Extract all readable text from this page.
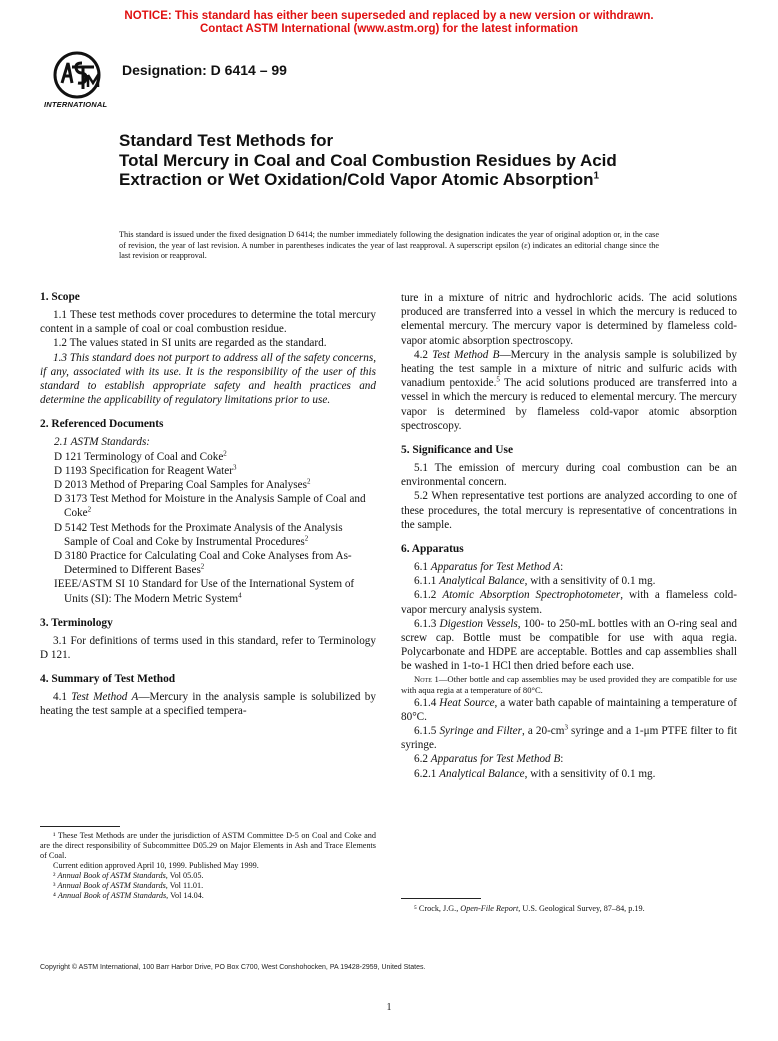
NOTICE: This standard has either been superseded and replaced by a new version or withdrawn.
Contact ASTM International (www.astm.org) for the latest information
INTERNATIONAL
Designation: D 6414 – 99
Standard Test Methods for
Total Mercury in Coal and Coal Combustion Residues by Acid Extraction or Wet Oxidation/Cold Vapor Atomic Absorption$^1$
This standard is issued under the fixed designation D 6414; the number immediately following the designation indicates the year of original adoption or, in the case of revision, the year of last revision. A number in parentheses indicates the year of last reapproval. A superscript epsilon (ε) indicates an editorial change since the last revision or reapproval.
1. Scope

1.1 These test methods cover procedures to determine the total mercury content in a sample of coal or coal combustion residue.

1.2 The values stated in SI units are regarded as the standard.

1.3 This standard does not purport to address all of the safety concerns, if any, associated with its use. It is the responsibility of the user of this standard to establish appropriate safety and health practices and determine the applicability of regulatory limitations prior to use.

2. Referenced Documents

2.1 ASTM Standards:

D 121 Terminology of Coal and Coke$^2$

D 1193 Specification for Reagent Water$^3$

D 2013 Method of Preparing Coal Samples for Analyses$^2$

D 3173 Test Method for Moisture in the Analysis Sample of Coal and Coke$^2$

D 5142 Test Methods for the Proximate Analysis of the Analysis Sample of Coal and Coke by Instrumental Procedures$^2$

D 3180 Practice for Calculating Coal and Coke Analyses from As-Determined to Different Bases$^2$

IEEE/ASTM SI 10 Standard for Use of the International System of Units (SI): The Modern Metric System$^4$

3. Terminology

3.1 For definitions of terms used in this standard, refer to Terminology D 121.

4. Summary of Test Method

4.1 Test Method A—Mercury in the analysis sample is solubilized by heating the test sample at a specified tempera-

¹ These Test Methods are under the jurisdiction of ASTM Committee D-5 on Coal and Coke and are the direct responsibility of Subcommittee D05.29 on Major Elements in Ash and Trace Elements of Coal.

Current edition approved April 10, 1999. Published May 1999.

² Annual Book of ASTM Standards, Vol 05.05.

³ Annual Book of ASTM Standards, Vol 11.01.

⁴ Annual Book of ASTM Standards, Vol 14.04.

ture in a mixture of nitric and hydrochloric acids. The acid solutions produced are transferred into a vessel in which the mercury is reduced to elemental mercury. The mercury vapor is determined by flameless cold-vapor atomic absorption spectroscopy.

4.2 Test Method B—Mercury in the analysis sample is solubilized by heating the test sample in a mixture of nitric and sulfuric acids with vanadium pentoxide.$^5$ The acid solutions produced are transferred into a vessel in which the mercury is reduced to elemental mercury. The mercury vapor is determined by flameless cold-vapor atomic absorption spectroscopy.

5. Significance and Use

5.1 The emission of mercury during coal combustion can be an environmental concern.

5.2 When representative test portions are analyzed according to one of these procedures, the total mercury is representative of concentrations in the sample.

6. Apparatus

6.1 Apparatus for Test Method A:

6.1.1 Analytical Balance, with a sensitivity of 0.1 mg.

6.1.2 Atomic Absorption Spectrophotometer, with a flameless cold-vapor mercury analysis system.

6.1.3 Digestion Vessels, 100- to 250-mL bottles with an O-ring seal and screw cap. Bottle must be compatible for use with aqua regia. Polycarbonate and HDPE are acceptable. Bottles and cap assemblies shall be washed in 1-to-1 HCl then dried before each use.

Note 1—Other bottle and cap assemblies may be used provided they are compatible for use with aqua regia at a temperature of 80°C.

6.1.4 Heat Source, a water bath capable of maintaining a temperature of 80°C.

6.1.5 Syringe and Filter, a $20-cm^3$ syringe and a 1-μm PTFE filter to fit syringe.

6.2 Apparatus for Test Method B:

6.2.1 Analytical Balance, with a sensitivity of 0.1 mg.

⁵ Crock, J.G., Open-File Report, U.S. Geological Survey, 87–84, p.19.
Copyright © ASTM International, 100 Barr Harbor Drive, PO Box C700, West Conshohocken, PA 19428-2959, United States.
1
